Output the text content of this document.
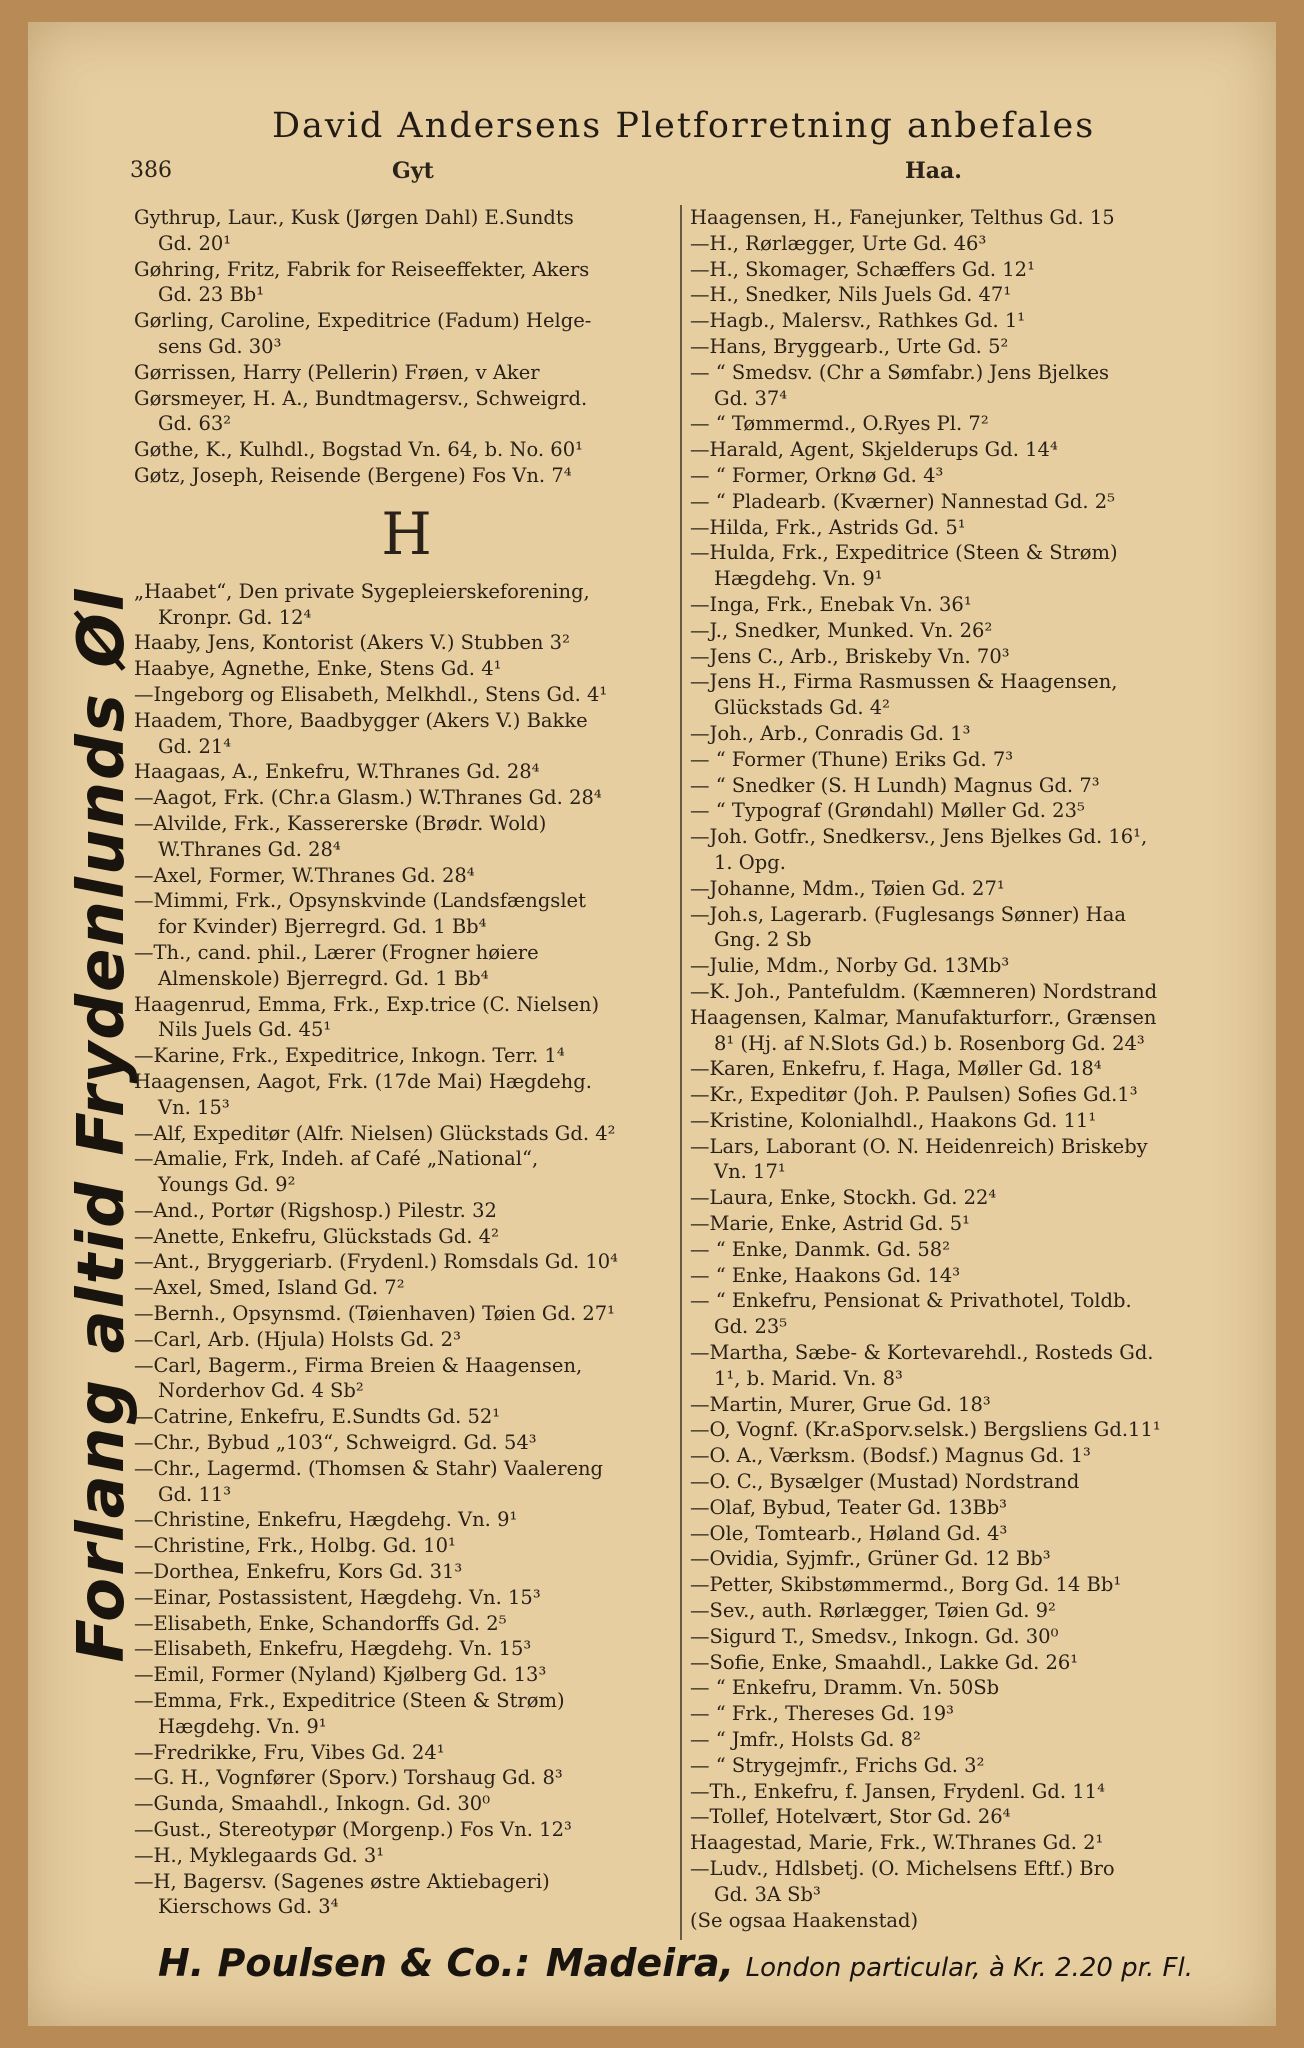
David Andersens Pletforretning anbefales
386	Gyt	Haa.
Forlang altid Frydenlunds Øl
Gythrup, Laur., Kusk (Jørgen Dahl) E.Sundts
Gd. 20¹
Gøhring, Fritz, Fabrik for Reiseeffekter, Akers
Gd. 23 Bb¹
Gørling, Caroline, Expeditrice (Fadum) Helge-
sens Gd. 30³
Gørrissen, Harry (Pellerin) Frøen, v Aker
Gørsmeyer, H. A., Bundtmagersv., Schweigrd.
Gd. 63²
Gøthe, K., Kulhdl., Bogstad Vn. 64, b. No. 60¹
Gøtz, Joseph, Reisende (Bergene) Fos Vn. 7⁴
H
„Haabet“, Den private Sygepleierskeforening,
Kronpr. Gd. 12⁴
Haaby, Jens, Kontorist (Akers V.) Stubben 3²
Haabye, Agnethe, Enke, Stens Gd. 4¹
—Ingeborg og Elisabeth, Melkhdl., Stens Gd. 4¹
Haadem, Thore, Baadbygger (Akers V.) Bakke
Gd. 21⁴
Haagaas, A., Enkefru, W.Thranes Gd. 28⁴
—Aagot, Frk. (Chr.a Glasm.) W.Thranes Gd. 28⁴
—Alvilde, Frk., Kassererske (Brødr. Wold)
W.Thranes Gd. 28⁴
—Axel, Former, W.Thranes Gd. 28⁴
—Mimmi, Frk., Opsynskvinde (Landsfængslet
for Kvinder) Bjerregrd. Gd. 1 Bb⁴
—Th., cand. phil., Lærer (Frogner høiere
Almenskole) Bjerregrd. Gd. 1 Bb⁴
Haagenrud, Emma, Frk., Exp.trice (C. Nielsen)
Nils Juels Gd. 45¹
—Karine, Frk., Expeditrice, Inkogn. Terr. 1⁴
Haagensen, Aagot, Frk. (17de Mai) Hægdehg.
Vn. 15³
—Alf, Expeditør (Alfr. Nielsen) Glückstads Gd. 4²
—Amalie, Frk, Indeh. af Café „National“,
Youngs Gd. 9²
—And., Portør (Rigshosp.) Pilestr. 32
—Anette, Enkefru, Glückstads Gd. 4²
—Ant., Bryggeriarb. (Frydenl.) Romsdals Gd. 10⁴
—Axel, Smed, Island Gd. 7²
—Bernh., Opsynsmd. (Tøienhaven) Tøien Gd. 27¹
—Carl, Arb. (Hjula) Holsts Gd. 2³
—Carl, Bagerm., Firma Breien & Haagensen,
Norderhov Gd. 4 Sb²
—Catrine, Enkefru, E.Sundts Gd. 52¹
—Chr., Bybud „103“, Schweigrd. Gd. 54³
—Chr., Lagermd. (Thomsen & Stahr) Vaalereng
Gd. 11³
—Christine, Enkefru, Hægdehg. Vn. 9¹
—Christine, Frk., Holbg. Gd. 10¹
—Dorthea, Enkefru, Kors Gd. 31³
—Einar, Postassistent, Hægdehg. Vn. 15³
—Elisabeth, Enke, Schandorffs Gd. 2⁵
—Elisabeth, Enkefru, Hægdehg. Vn. 15³
—Emil, Former (Nyland) Kjølberg Gd. 13³
—Emma, Frk., Expeditrice (Steen & Strøm)
Hægdehg. Vn. 9¹
—Fredrikke, Fru, Vibes Gd. 24¹
—G. H., Vognfører (Sporv.) Torshaug Gd. 8³
—Gunda, Smaahdl., Inkogn. Gd. 30⁰
—Gust., Stereotypør (Morgenp.) Fos Vn. 12³
—H., Myklegaards Gd. 3¹
—H, Bagersv. (Sagenes østre Aktiebageri)
Kierschows Gd. 3⁴
Haagensen, H., Fanejunker, Telthus Gd. 15
—H., Rørlægger, Urte Gd. 46³
—H., Skomager, Schæffers Gd. 12¹
—H., Snedker, Nils Juels Gd. 47¹
—Hagb., Malersv., Rathkes Gd. 1¹
—Hans, Bryggearb., Urte Gd. 5²
— “ Smedsv. (Chr a Sømfabr.) Jens Bjelkes
Gd. 37⁴
— “ Tømmermd., O.Ryes Pl. 7²
—Harald, Agent, Skjelderups Gd. 14⁴
— “ Former, Orknø Gd. 4³
— “ Pladearb. (Kværner) Nannestad Gd. 2⁵
—Hilda, Frk., Astrids Gd. 5¹
—Hulda, Frk., Expeditrice (Steen & Strøm)
Hægdehg. Vn. 9¹
—Inga, Frk., Enebak Vn. 36¹
—J., Snedker, Munked. Vn. 26²
—Jens C., Arb., Briskeby Vn. 70³
—Jens H., Firma Rasmussen & Haagensen,
Glückstads Gd. 4²
—Joh., Arb., Conradis Gd. 1³
— “ Former (Thune) Eriks Gd. 7³
— “ Snedker (S. H Lundh) Magnus Gd. 7³
— “ Typograf (Grøndahl) Møller Gd. 23⁵
—Joh. Gotfr., Snedkersv., Jens Bjelkes Gd. 16¹,
1. Opg.
—Johanne, Mdm., Tøien Gd. 27¹
—Joh.s, Lagerarb. (Fuglesangs Sønner) Haa
Gng. 2 Sb
—Julie, Mdm., Norby Gd. 13Mb³
—K. Joh., Pantefuldm. (Kæmneren) Nordstrand
Haagensen, Kalmar, Manufakturforr., Grænsen
8¹ (Hj. af N.Slots Gd.) b. Rosenborg Gd. 24³
—Karen, Enkefru, f. Haga, Møller Gd. 18⁴
—Kr., Expeditør (Joh. P. Paulsen) Sofies Gd.1³
—Kristine, Kolonialhdl., Haakons Gd. 11¹
—Lars, Laborant (O. N. Heidenreich) Briskeby
Vn. 17¹
—Laura, Enke, Stockh. Gd. 22⁴
—Marie, Enke, Astrid Gd. 5¹
— “ Enke, Danmk. Gd. 58²
— “ Enke, Haakons Gd. 14³
— “ Enkefru, Pensionat & Privathotel, Toldb.
Gd. 23⁵
—Martha, Sæbe- & Kortevarehdl., Rosteds Gd.
1¹, b. Marid. Vn. 8³
—Martin, Murer, Grue Gd. 18³
—O, Vognf. (Kr.aSporv.selsk.) Bergsliens Gd.11¹
—O. A., Værksm. (Bodsf.) Magnus Gd. 1³
—O. C., Bysælger (Mustad) Nordstrand
—Olaf, Bybud, Teater Gd. 13Bb³
—Ole, Tomtearb., Høland Gd. 4³
—Ovidia, Syjmfr., Grüner Gd. 12 Bb³
—Petter, Skibstømmermd., Borg Gd. 14 Bb¹
—Sev., auth. Rørlægger, Tøien Gd. 9²
—Sigurd T., Smedsv., Inkogn. Gd. 30⁰
—Sofie, Enke, Smaahdl., Lakke Gd. 26¹
— “ Enkefru, Dramm. Vn. 50Sb
— “ Frk., Thereses Gd. 19³
— “ Jmfr., Holsts Gd. 8²
— “ Strygejmfr., Frichs Gd. 3²
—Th., Enkefru, f. Jansen, Frydenl. Gd. 11⁴
—Tollef, Hotelvært, Stor Gd. 26⁴
Haagestad, Marie, Frk., W.Thranes Gd. 2¹
—Ludv., Hdlsbetj. (O. Michelsens Eftf.) Bro
Gd. 3A Sb³
(Se ogsaa Haakenstad)
H. Poulsen & Co.: Madeira, London particular, à Kr. 2.20 pr. Fl.
